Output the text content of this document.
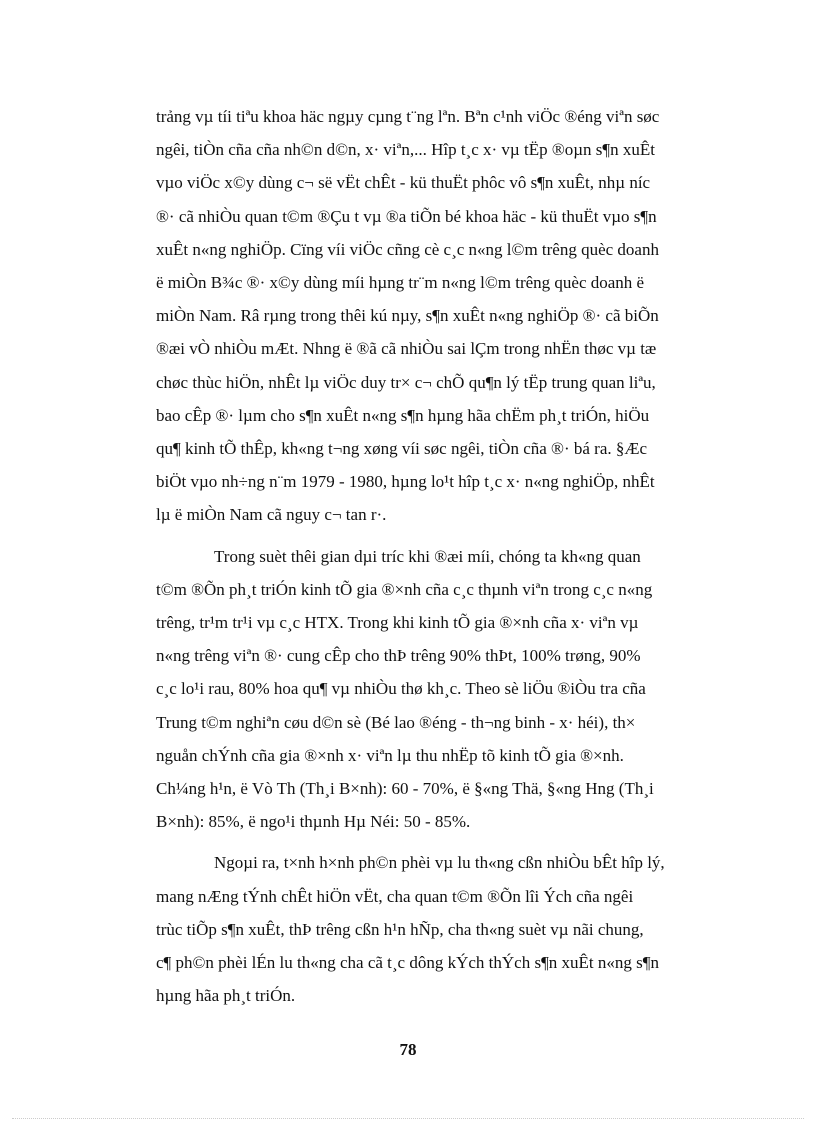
trảng vµ tíi tiªu khoa häc ngµy cµng t¨ng lªn. Bªn c¹nh viÖc ®éng viªn søc
ngêi, tiÒn cña cña nh©n d©n, x· viªn,... Hîp t¸c x· vµ tËp ®oµn s¶n xuÊt
vµo viÖc x©y dùng c¬ së vËt chÊt - kü thuËt phôc vô s¶n xuÊt, nhµ níc
®· cã nhiÒu quan t©m ®Çu t vµ ®a tiÕn bé khoa häc - kü thuËt vµo s¶n
xuÊt n«ng nghiÖp. Cïng víi viÖc cñng cè c¸c n«ng l©m trêng quèc doanh
ë miÒn B¾c ®· x©y dùng míi hµng tr¨m n«ng l©m trêng quèc doanh ë
miÒn Nam. Râ rµng trong thêi kú nµy, s¶n xuÊt n«ng nghiÖp ®· cã biÕn
®æi vÒ nhiÒu mÆt. Nhng ë ®ã cã nhiÒu sai lÇm trong nhËn thøc vµ tæ
chøc thùc hiÖn, nhÊt lµ viÖc duy tr× c¬ chÕ qu¶n lý tËp trung quan liªu,
bao cÊp ®· lµm cho s¶n xuÊt n«ng s¶n hµng hãa chËm ph¸t triÓn, hiÖu
qu¶ kinh tÕ thÊp, kh«ng t¬ng xøng víi søc ngêi, tiÒn cña ®· bá ra. §Æc
biÖt vµo nh÷ng n¨m 1979 - 1980, hµng lo¹t hîp t¸c x· n«ng nghiÖp, nhÊt
lµ ë miÒn Nam cã nguy c¬ tan r·.

Trong suèt thêi gian dµi tríc khi ®æi míi, chóng ta kh«ng quan
t©m ®Õn ph¸t triÓn kinh tÕ gia ®×nh cña c¸c thµnh viªn trong c¸c n«ng
trêng, tr¹m tr¹i vµ c¸c HTX. Trong khi kinh tÕ gia ®×nh cña x· viªn vµ
n«ng trêng viªn ®· cung cÊp cho thÞ trêng 90% thÞt, 100% trøng, 90%
c¸c lo¹i rau, 80% hoa qu¶ vµ nhiÒu thø kh¸c. Theo sè liÖu ®iÒu tra cña
Trung t©m nghiªn cøu d©n sè (Bé lao ®éng - th¬ng binh - x· héi), th×
nguån chÝnh cña gia ®×nh x· viªn lµ thu nhËp tõ kinh tÕ gia ®×nh.
Ch¼ng h¹n, ë Vò Th (Th¸i B×nh): 60 - 70%, ë §«ng Thä, §«ng Hng (Th¸i
B×nh): 85%, ë ngo¹i thµnh Hµ Néi: 50 - 85%.

Ngoµi ra, t×nh h×nh ph©n phèi vµ lu th«ng cßn nhiÒu bÊt hîp lý,
mang nÆng tÝnh chÊt hiÖn vËt, cha quan t©m ®Õn lîi Ých cña ngêi
trùc tiÕp s¶n xuÊt, thÞ trêng cßn h¹n hÑp, cha th«ng suèt vµ nãi chung,
c¶ ph©n phèi lÉn lu th«ng cha cã t¸c dông kÝch thÝch s¶n xuÊt n«ng s¶n
hµng hãa ph¸t triÓn.

78
